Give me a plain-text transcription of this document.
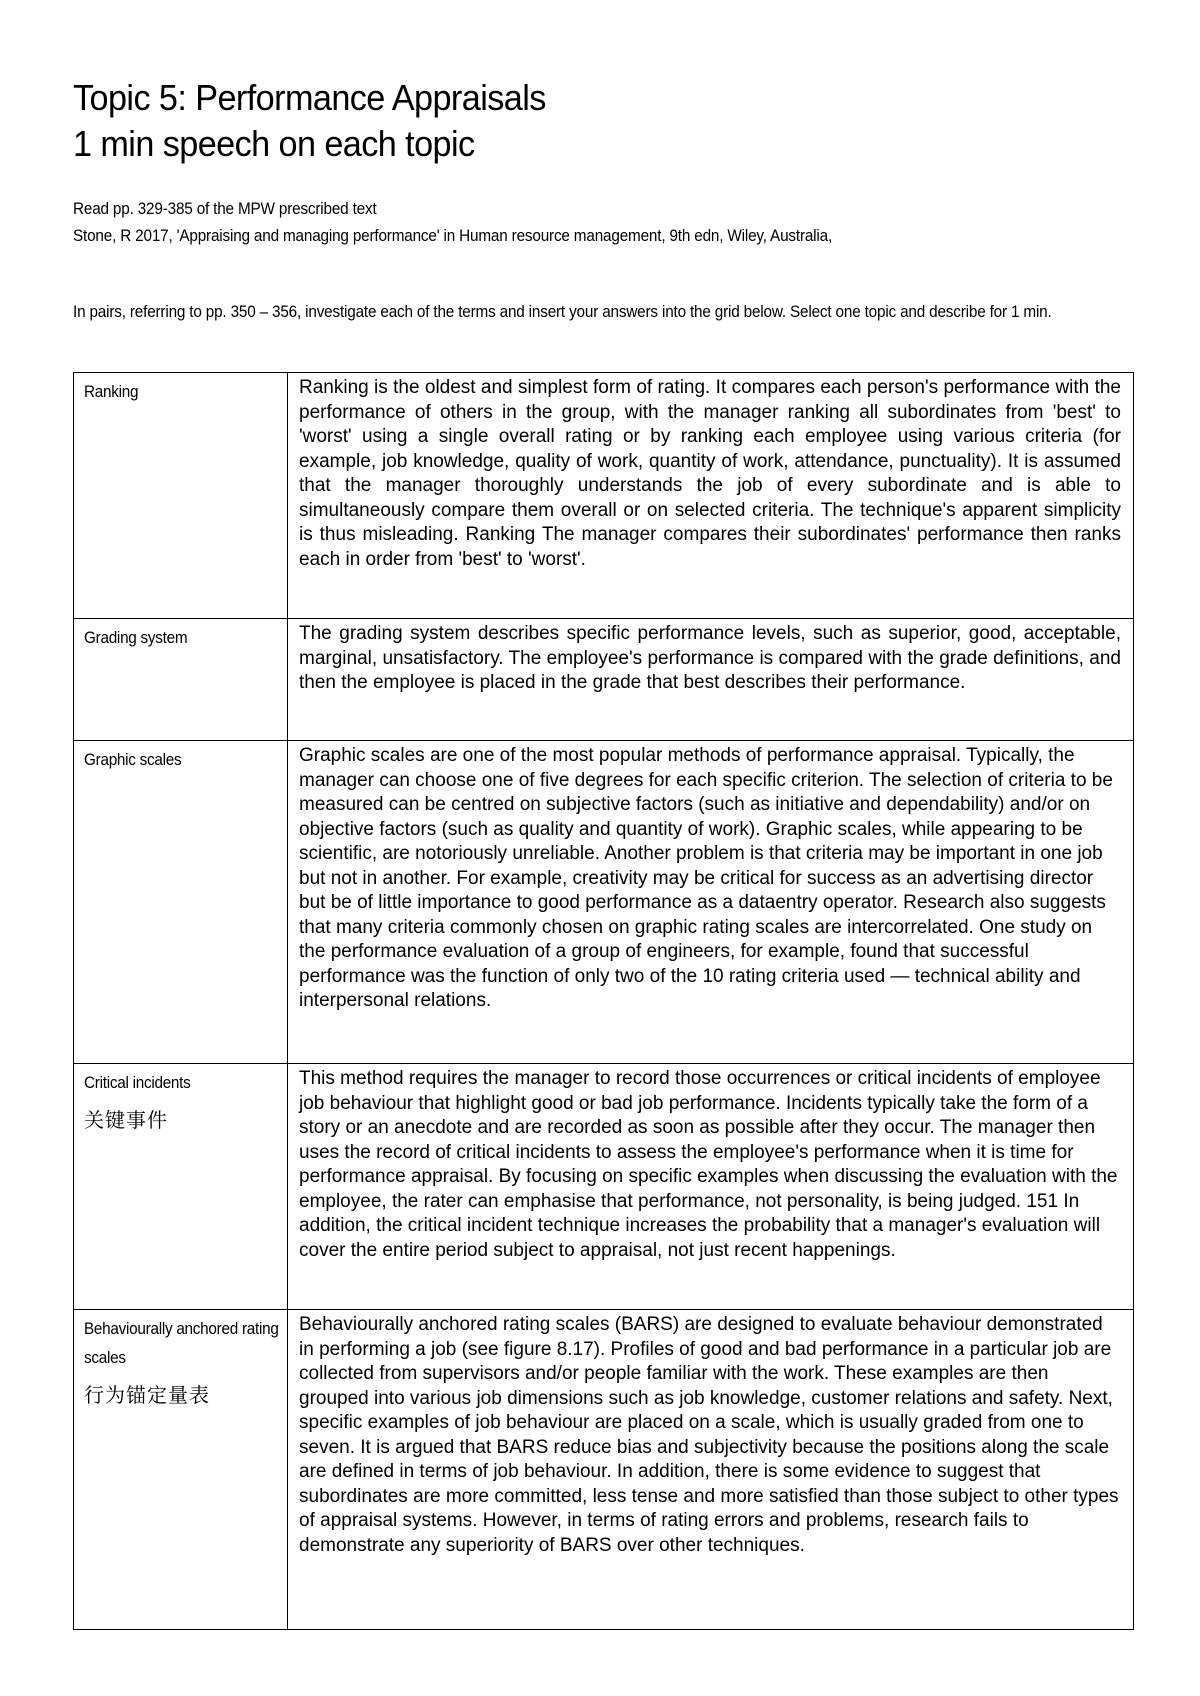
Topic 5: Performance Appraisals
1 min speech on each topic
Read pp. 329-385 of the MPW prescribed text
Stone, R 2017, 'Appraising and managing performance' in Human resource management, 9th edn, Wiley, Australia,
In pairs, referring to pp. 350 – 356, investigate each of the terms and insert your answers into the grid below. Select one topic and describe for 1 min.
Ranking	Ranking is the oldest and simplest form of rating. It compares each person's performance with the performance of others in the group, with the manager ranking all subordinates from 'best' to 'worst' using a single overall rating or by ranking each employee using various criteria (for example, job knowledge, quality of work, quantity of work, attendance, punctuality). It is assumed that the manager thoroughly understands the job of every subordinate and is able to simultaneously compare them overall or on selected criteria. The technique's apparent simplicity is thus misleading. Ranking The manager compares their subordinates' performance then ranks each in order from 'best' to 'worst'.

Grading system	The grading system describes specific performance levels, such as superior, good, acceptable, marginal, unsatisfactory. The employee's performance is compared with the grade definitions, and then the employee is placed in the grade that best describes their performance.

Graphic scales	Graphic scales are one of the most popular methods of performance appraisal. Typically, the manager can choose one of five degrees for each specific criterion. The selection of criteria to be measured can be centred on subjective factors (such as initiative and dependability) and/or on objective factors (such as quality and quantity of work). Graphic scales, while appearing to be scientific, are notoriously unreliable. Another problem is that criteria may be important in one job but not in another. For example, creativity may be critical for success as an advertising director but be of little importance to good performance as a dataentry operator. Research also suggests that many criteria commonly chosen on graphic rating scales are intercorrelated. One study on the performance evaluation of a group of engineers, for example, found that successful performance was the function of only two of the 10 rating criteria used — technical ability and interpersonal relations.

Critical incidents
关键事件	This method requires the manager to record those occurrences or critical incidents of employee job behaviour that highlight good or bad job performance. Incidents typically take the form of a story or an anecdote and are recorded as soon as possible after they occur. The manager then uses the record of critical incidents to assess the employee's performance when it is time for performance appraisal. By focusing on specific examples when discussing the evaluation with the employee, the rater can emphasise that performance, not personality, is being judged. 151 In addition, the critical incident technique increases the probability that a manager's evaluation will cover the entire period subject to appraisal, not just recent happenings.

Behaviourally anchored rating scales
行为锚定量表	Behaviourally anchored rating scales (BARS) are designed to evaluate behaviour demonstrated in performing a job (see figure 8.17). Profiles of good and bad performance in a particular job are collected from supervisors and/or people familiar with the work. These examples are then grouped into various job dimensions such as job knowledge, customer relations and safety. Next, specific examples of job behaviour are placed on a scale, which is usually graded from one to seven. It is argued that BARS reduce bias and subjectivity because the positions along the scale are defined in terms of job behaviour. In addition, there is some evidence to suggest that subordinates are more committed, less tense and more satisfied than those subject to other types of appraisal systems. However, in terms of rating errors and problems, research fails to demonstrate any superiority of BARS over other techniques.
